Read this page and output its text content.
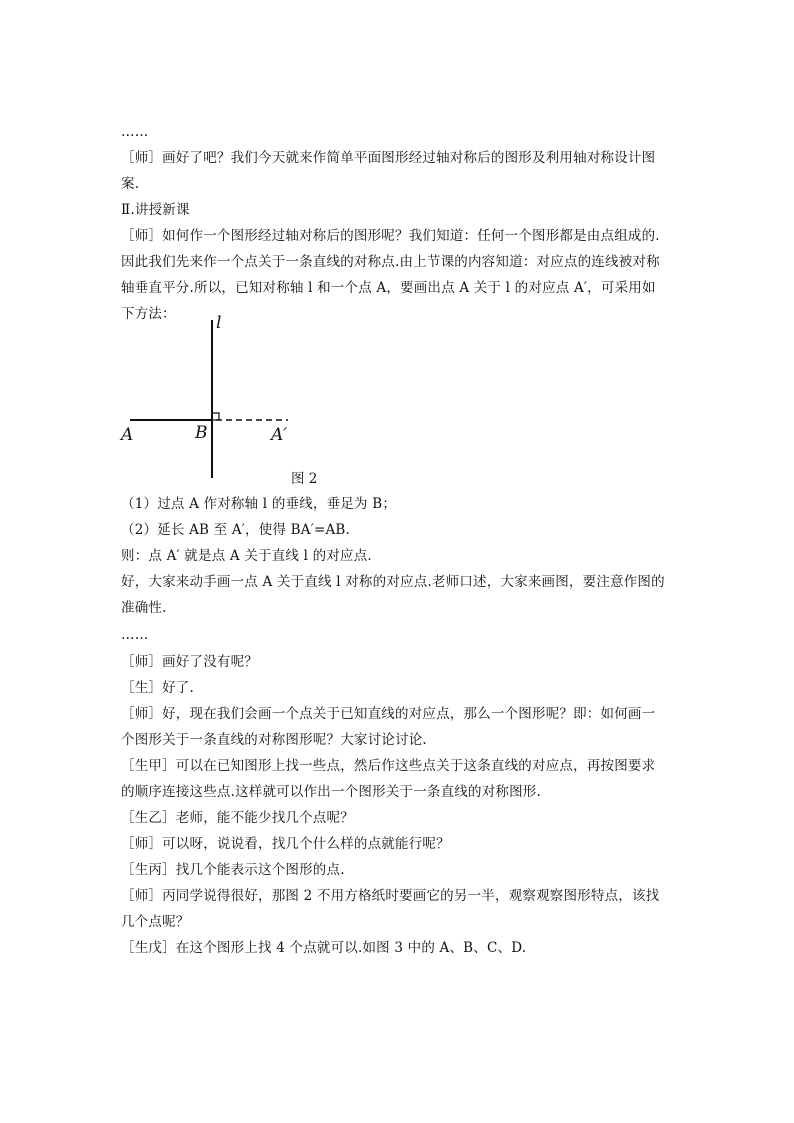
……
［师］画好了吧？我们今天就来作简单平面图形经过轴对称后的图形及利用轴对称设计图
案.
Ⅱ.讲授新课
［师］如何作一个图形经过轴对称后的图形呢？我们知道：任何一个图形都是由点组成的.
因此我们先来作一个点关于一条直线的对称点.由上节课的内容知道：对应点的连线被对称
轴垂直平分.所以，已知对称轴 l 和一个点 A，要画出点 A 关于 l 的对应点 A′，可采用如
下方法：	l
A	B	A′
图 2
（1）过点 A 作对称轴 l 的垂线，垂足为 B；
（2）延长 AB 至 A′，使得 BA′=AB.
则：点 A′ 就是点 A 关于直线 l 的对应点.
好，大家来动手画一点 A 关于直线 l 对称的对应点.老师口述，大家来画图，要注意作图的
准确性.
……
［师］画好了没有呢？
［生］好了.
［师］好，现在我们会画一个点关于已知直线的对应点，那么一个图形呢？即：如何画一
个图形关于一条直线的对称图形呢？大家讨论讨论.
［生甲］可以在已知图形上找一些点，然后作这些点关于这条直线的对应点，再按图要求
的顺序连接这些点.这样就可以作出一个图形关于一条直线的对称图形.
［生乙］老师，能不能少找几个点呢？
［师］可以呀，说说看，找几个什么样的点就能行呢？
［生丙］找几个能表示这个图形的点.
［师］丙同学说得很好，那图 2 不用方格纸时要画它的另一半，观察观察图形特点，该找
几个点呢？
［生戊］在这个图形上找 4 个点就可以.如图 3 中的 A、B、C、D.
